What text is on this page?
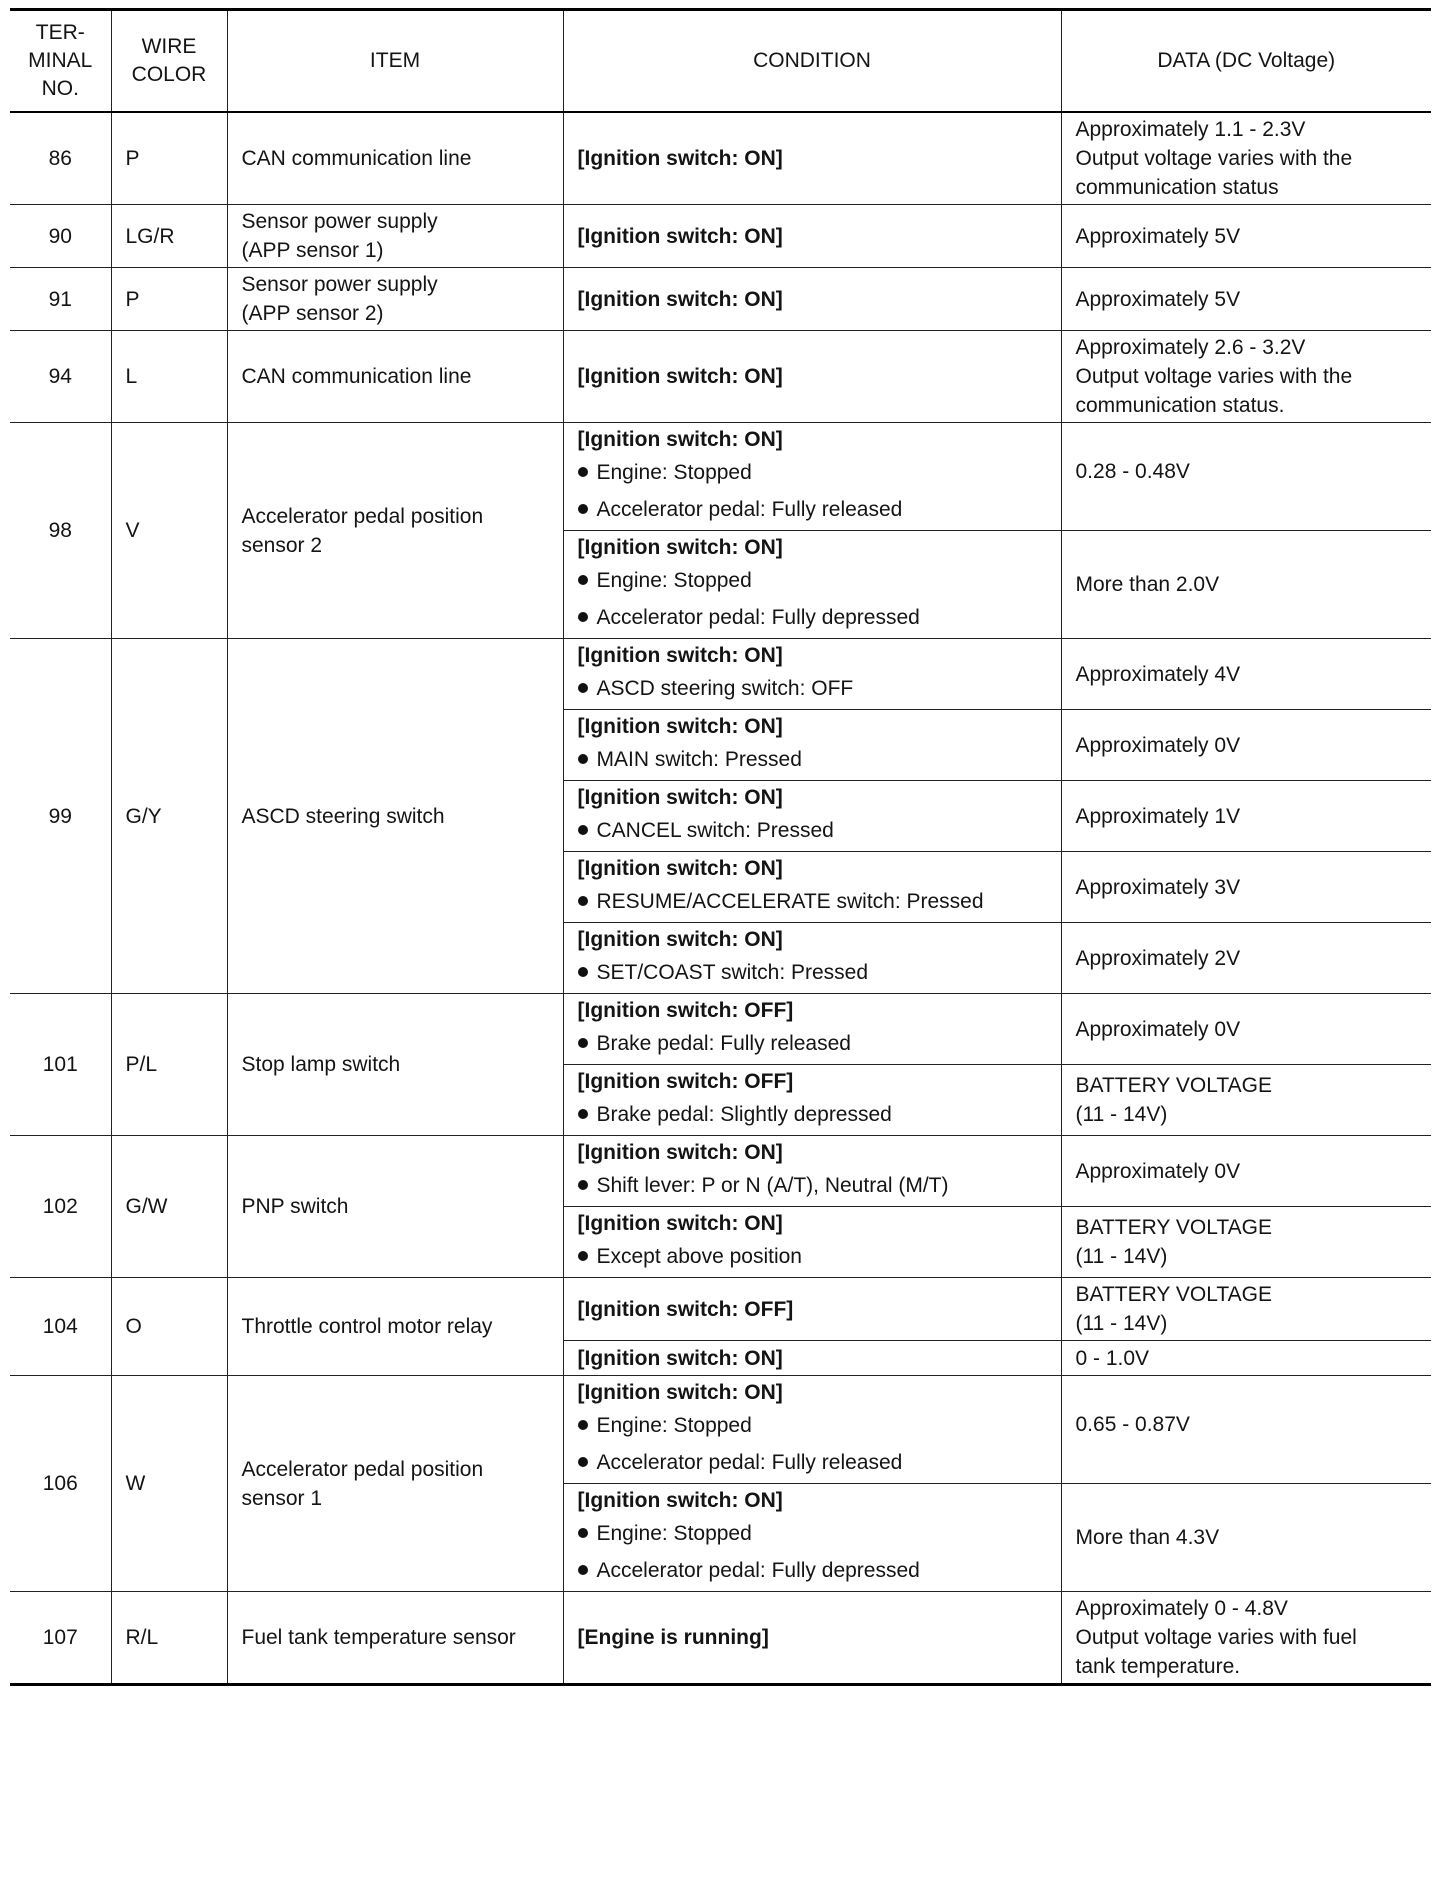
TER-
MINAL
NO.	WIRE
COLOR	ITEM	CONDITION	DATA (DC Voltage)

86	P	CAN communication line	[Ignition switch: ON]	Approximately 1.1 - 2.3V
Output voltage varies with the
communication status

90	LG/R	Sensor power supply
(APP sensor 1)	[Ignition switch: ON]	Approximately 5V

91	P	Sensor power supply
(APP sensor 2)	[Ignition switch: ON]	Approximately 5V

94	L	CAN communication line	[Ignition switch: ON]	Approximately 2.6 - 3.2V
Output voltage varies with the
communication status.

98	V	Accelerator pedal position
sensor 2	[Ignition switch: ON]
Engine: Stopped
Accelerator pedal: Fully released	0.28 - 0.48V

			[Ignition switch: ON]
Engine: Stopped
Accelerator pedal: Fully depressed	More than 2.0V

99	G/Y	ASCD steering switch	[Ignition switch: ON]
ASCD steering switch: OFF	Approximately 4V

			[Ignition switch: ON]
MAIN switch: Pressed	Approximately 0V

			[Ignition switch: ON]
CANCEL switch: Pressed	Approximately 1V

			[Ignition switch: ON]
RESUME/ACCELERATE switch: Pressed	Approximately 3V

			[Ignition switch: ON]
SET/COAST switch: Pressed	Approximately 2V

101	P/L	Stop lamp switch	[Ignition switch: OFF]
Brake pedal: Fully released	Approximately 0V

			[Ignition switch: OFF]
Brake pedal: Slightly depressed	BATTERY VOLTAGE
(11 - 14V)

102	G/W	PNP switch	[Ignition switch: ON]
Shift lever: P or N (A/T), Neutral (M/T)	Approximately 0V

			[Ignition switch: ON]
Except above position	BATTERY VOLTAGE
(11 - 14V)

104	O	Throttle control motor relay	[Ignition switch: OFF]	BATTERY VOLTAGE
(11 - 14V)

			[Ignition switch: ON]	0 - 1.0V

106	W	Accelerator pedal position
sensor 1	[Ignition switch: ON]
Engine: Stopped
Accelerator pedal: Fully released	0.65 - 0.87V

			[Ignition switch: ON]
Engine: Stopped
Accelerator pedal: Fully depressed	More than 4.3V

107	R/L	Fuel tank temperature sensor	[Engine is running]	Approximately 0 - 4.8V
Output voltage varies with fuel
tank temperature.
